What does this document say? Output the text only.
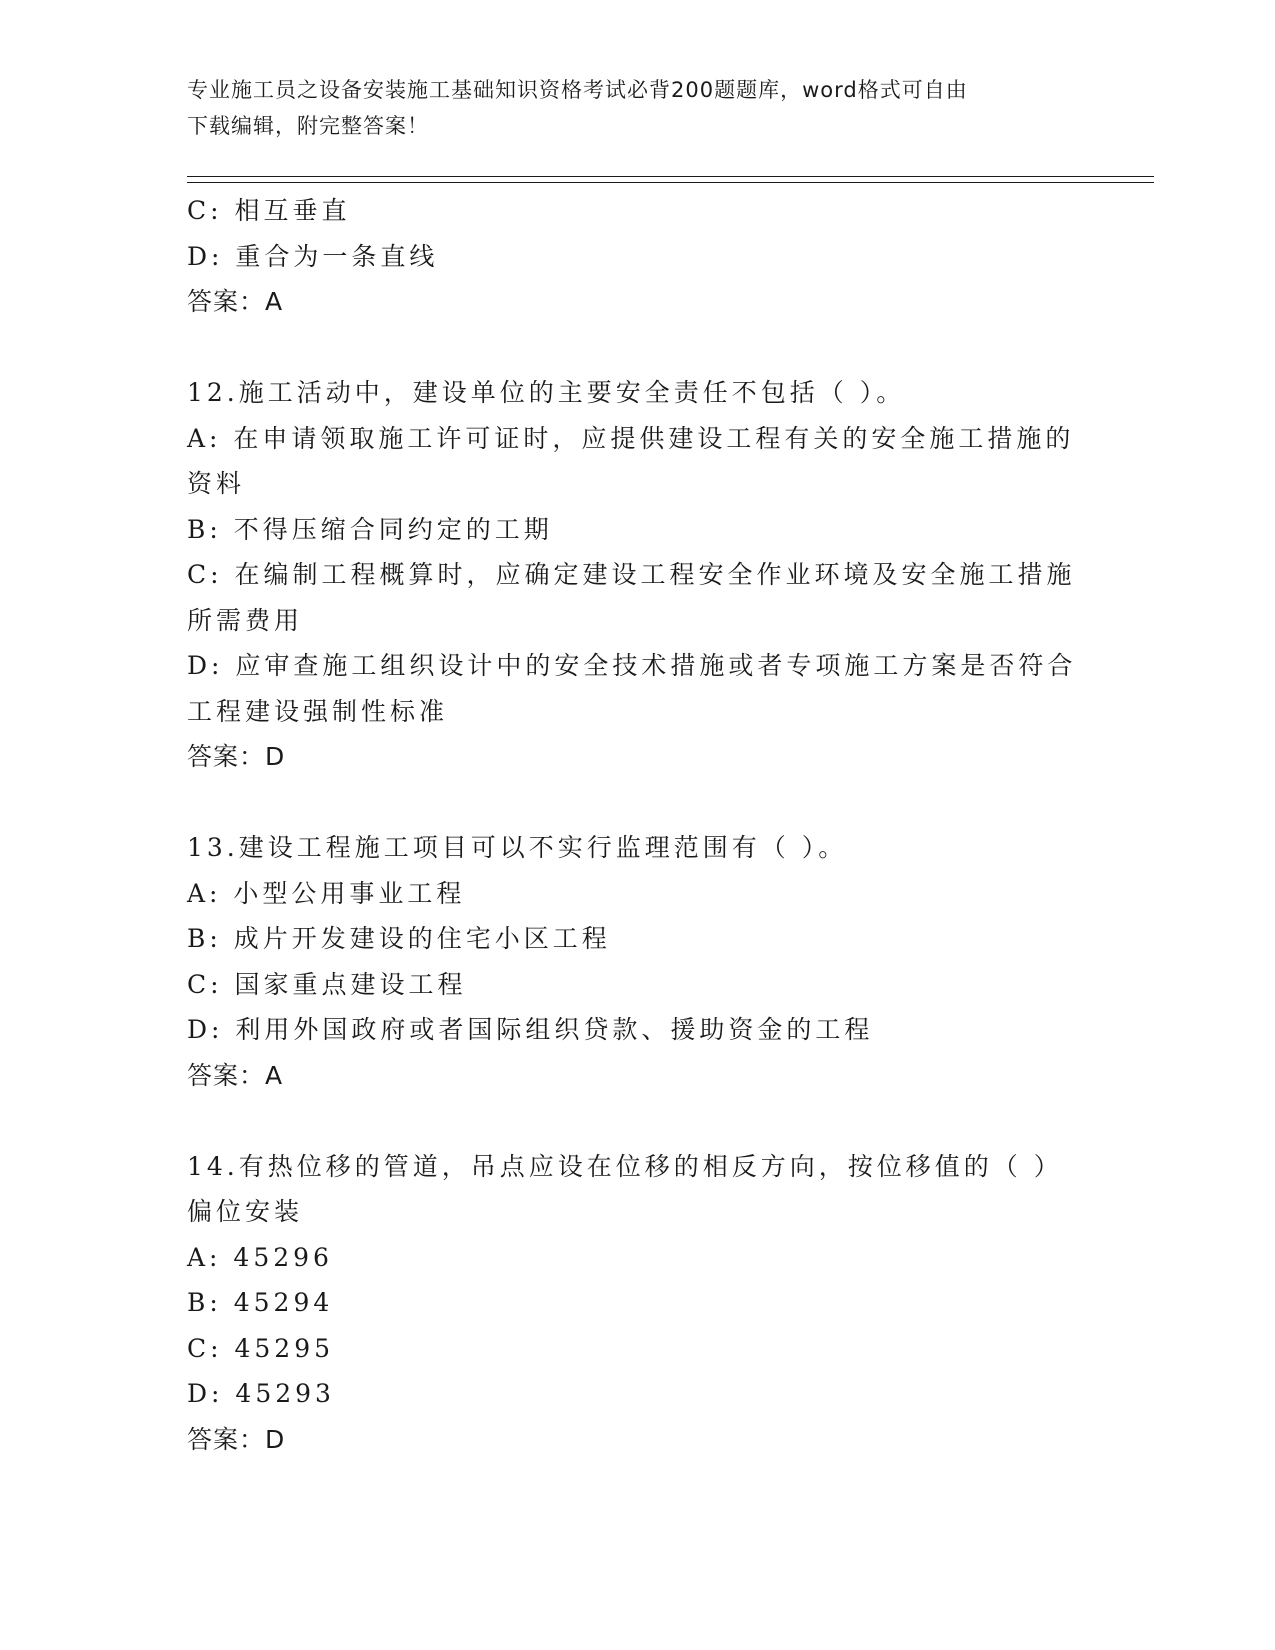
专业施工员之设备安装施工基础知识资格考试必背200题题库，word格式可自由
下载编辑，附完整答案！
C: 相互垂直
D: 重合为一条直线
答案：A
12.施工活动中，建设单位的主要安全责任不包括（ ）。
A: 在申请领取施工许可证时，应提供建设工程有关的安全施工措施的
资料
B: 不得压缩合同约定的工期
C: 在编制工程概算时，应确定建设工程安全作业环境及安全施工措施
所需费用
D: 应审查施工组织设计中的安全技术措施或者专项施工方案是否符合
工程建设强制性标准
答案：D
13.建设工程施工项目可以不实行监理范围有（ ）。
A: 小型公用事业工程
B: 成片开发建设的住宅小区工程
C: 国家重点建设工程
D: 利用外国政府或者国际组织贷款、援助资金的工程
答案：A
14.有热位移的管道，吊点应设在位移的相反方向，按位移值的（ ）
偏位安装
A: 45296
B: 45294
C: 45295
D: 45293
答案：D
